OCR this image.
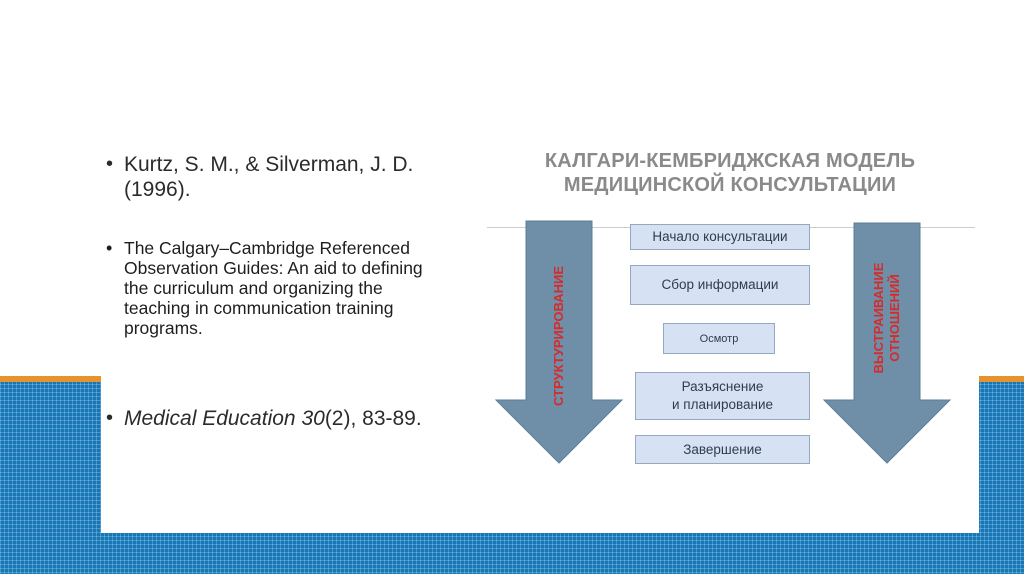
• Kurtz, S. M., & Silverman, J. D. (1996).
• The Calgary–Cambridge Referenced Observation Guides: An aid to defining the curriculum and organizing the teaching in communication training programs.
• Medical Education 30(2), 83-89.
КАЛГАРИ-КЕМБРИДЖСКАЯ МОДЕЛЬ
МЕДИЦИНСКОЙ КОНСУЛЬТАЦИИ
СТРУКТУРИРОВАНИЕ	ВЫСТРАИВАНИЕ ОТНОШЕНИЙ
Начало консультации
Сбор информации
Осмотр
Разъяснение
и планирование
Завершение
